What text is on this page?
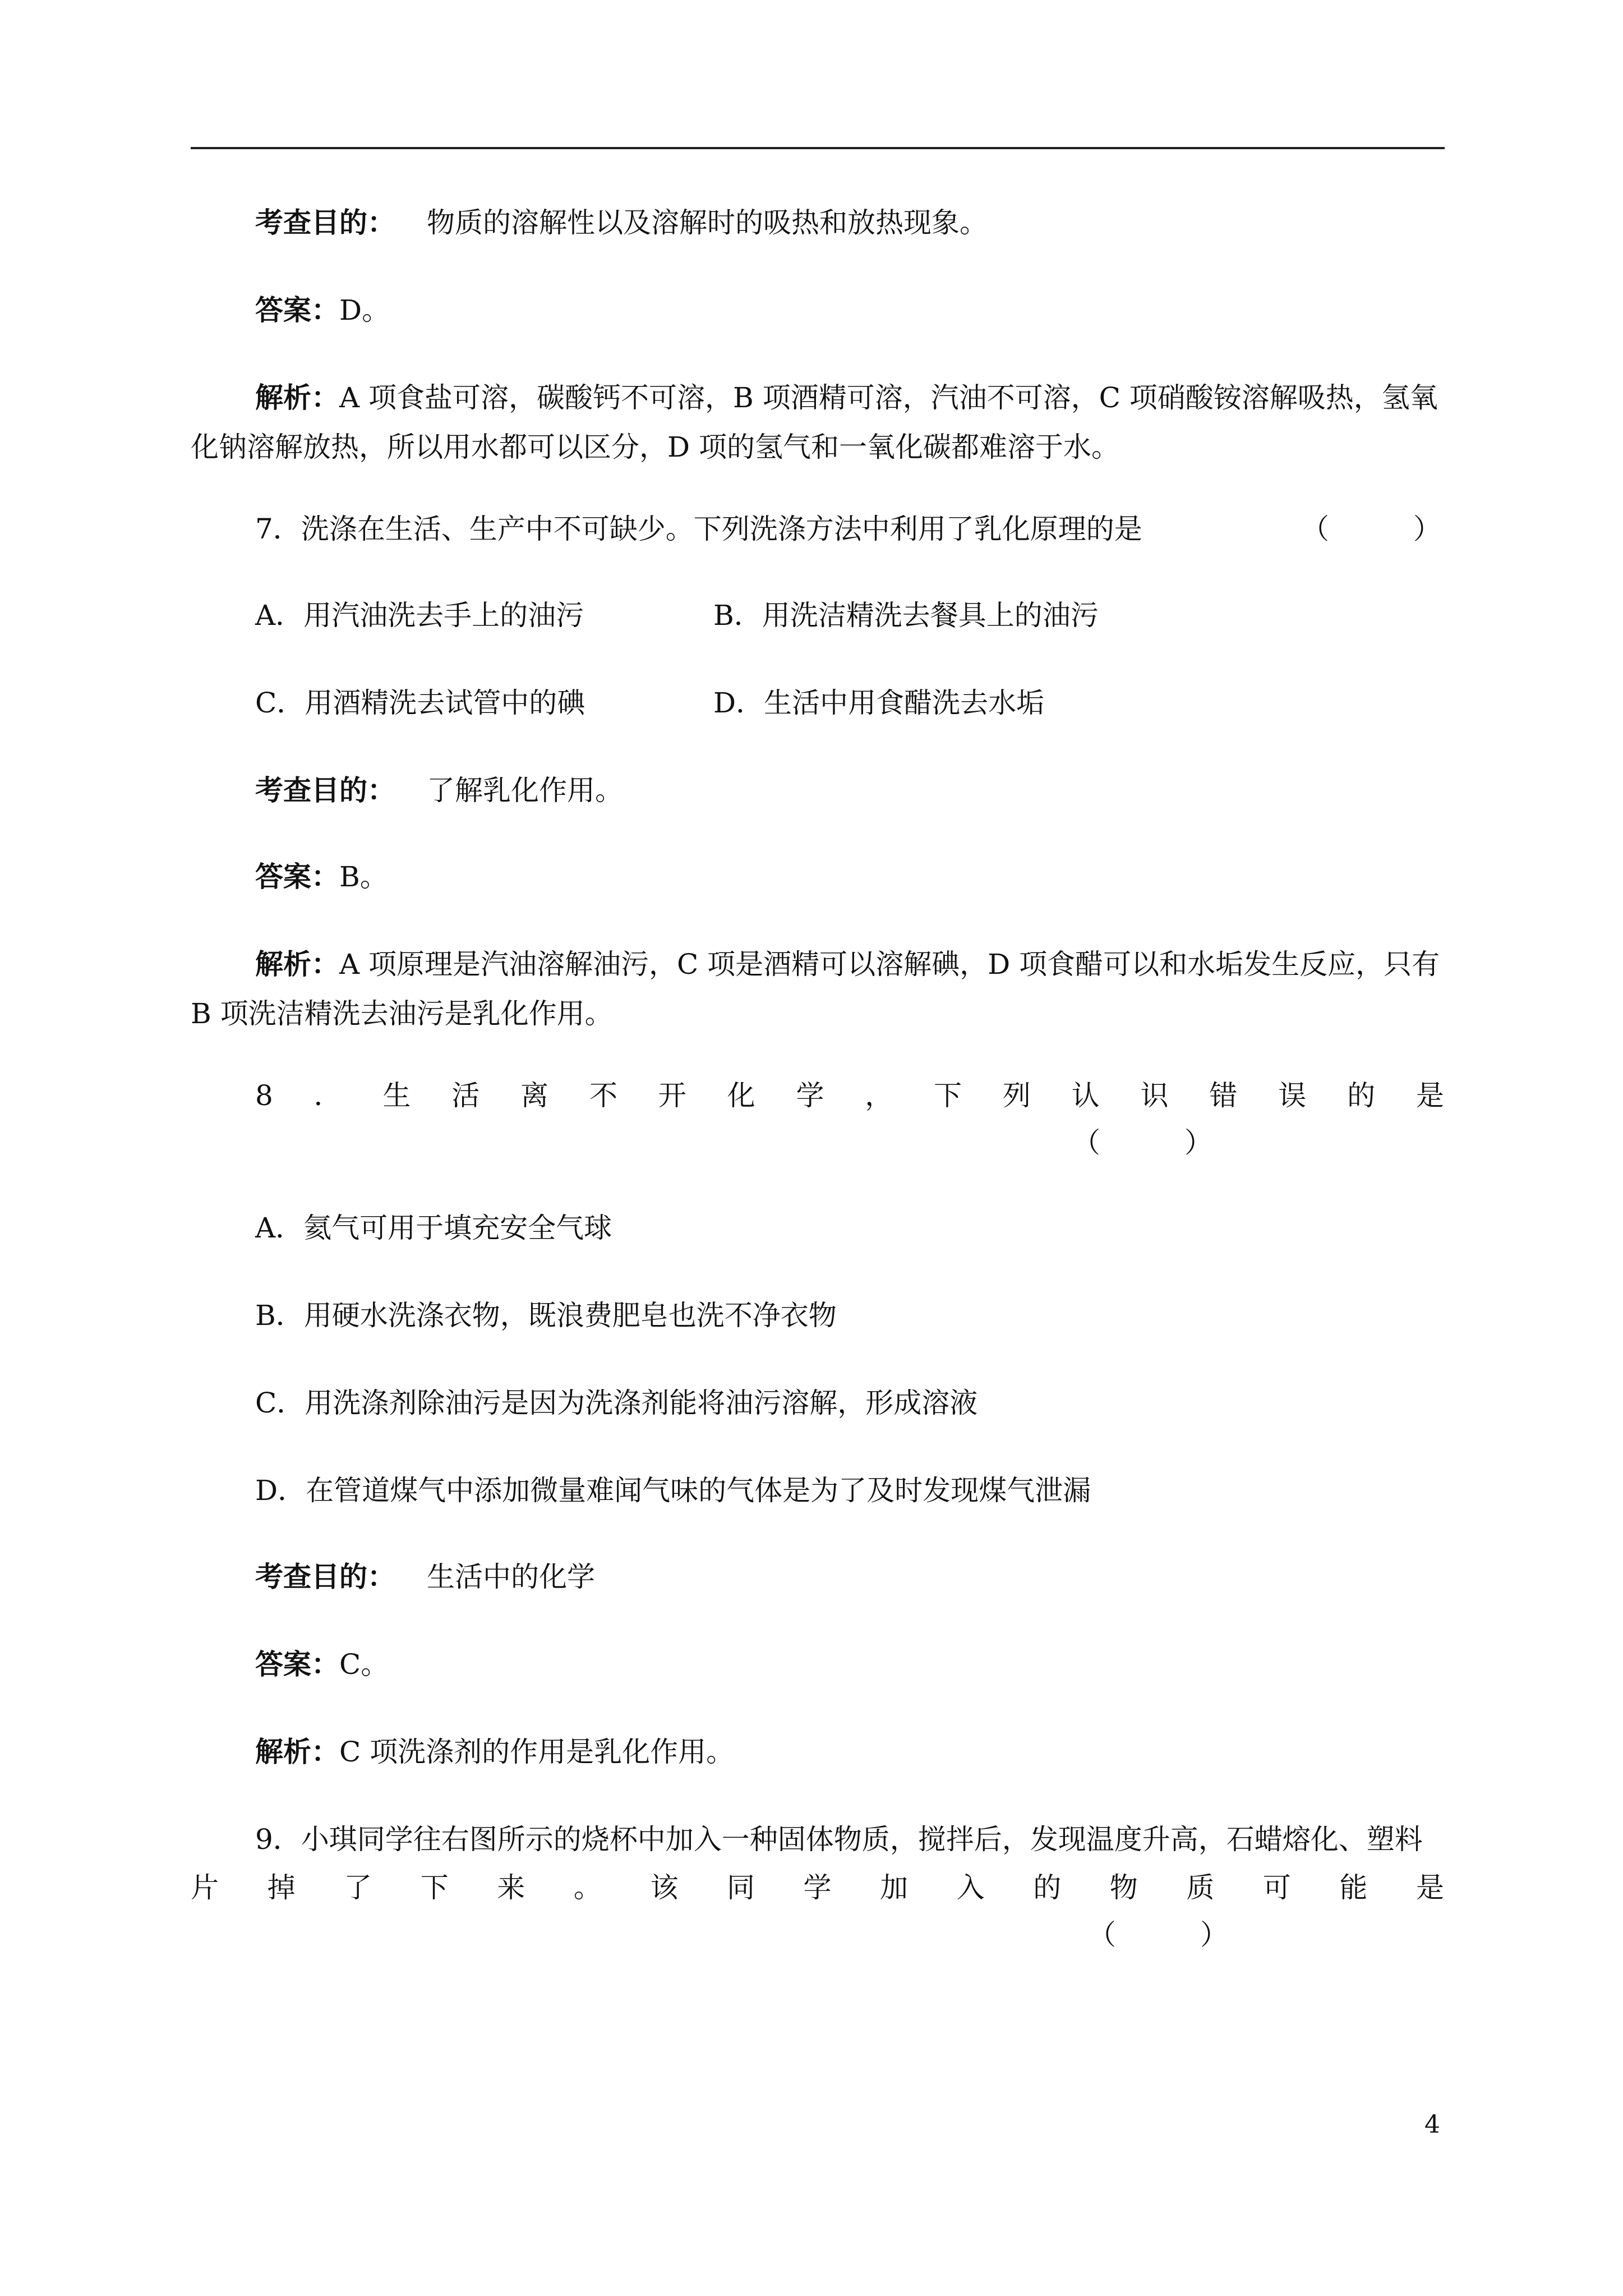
考查目的： 物质的溶解性以及溶解时的吸热和放热现象。
答案：D。
解析：A 项食盐可溶，碳酸钙不可溶，B 项酒精可溶，汽油不可溶，C 项硝酸铵溶解吸热，氢氧
化钠溶解放热，所以用水都可以区分，D 项的氢气和一氧化碳都难溶于水。
7．洗涤在生活、生产中不可缺少。下列洗涤方法中利用了乳化原理的是	（　　　）
A．用汽油洗去手上的油污	B．用洗洁精洗去餐具上的油污
C．用酒精洗去试管中的碘	D．生活中用食醋洗去水垢
考查目的： 了解乳化作用。
答案：B。
解析：A 项原理是汽油溶解油污，C 项是酒精可以溶解碘，D 项食醋可以和水垢发生反应，只有
B 项洗洁精洗去油污是乳化作用。
8 ． 生 活 离 不 开 化 学 ， 下 列 认 识 错 误 的 是
（　　　）
A．氦气可用于填充安全气球
B．用硬水洗涤衣物，既浪费肥皂也洗不净衣物
C．用洗涤剂除油污是因为洗涤剂能将油污溶解，形成溶液
D．在管道煤气中添加微量难闻气味的气体是为了及时发现煤气泄漏
考查目的： 生活中的化学
答案：C。
解析：C 项洗涤剂的作用是乳化作用。
9．小琪同学往右图所示的烧杯中加入一种固体物质，搅拌后，发现温度升高，石蜡熔化、塑料
片 掉 了 下 来 。 该 同 学 加 入 的 物 质 可 能 是
（　　　）
4
